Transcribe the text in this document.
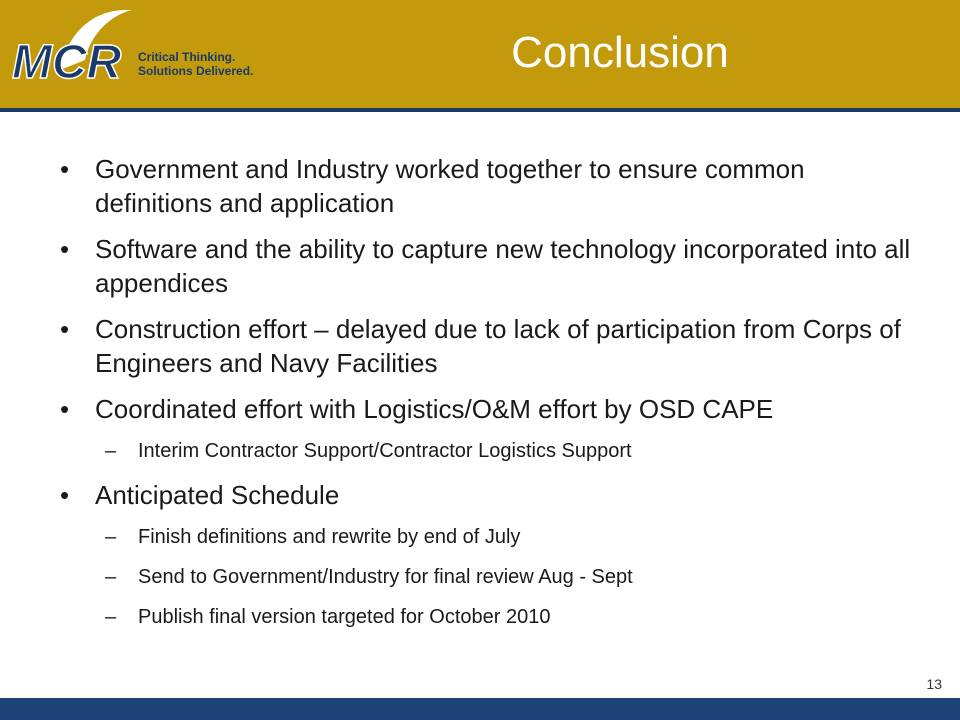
MCR Critical Thinking.
Solutions Delivered.	Conclusion
• Government and Industry worked together to ensure common definitions and application
• Software and the ability to capture new technology incorporated into all appendices
• Construction effort – delayed due to lack of participation from Corps of Engineers and Navy Facilities
• Coordinated effort with Logistics/O&M effort by OSD CAPE
– Interim Contractor Support/Contractor Logistics Support
• Anticipated Schedule
– Finish definitions and rewrite by end of July
– Send to Government/Industry for final review Aug - Sept
– Publish final version targeted for October 2010
13
